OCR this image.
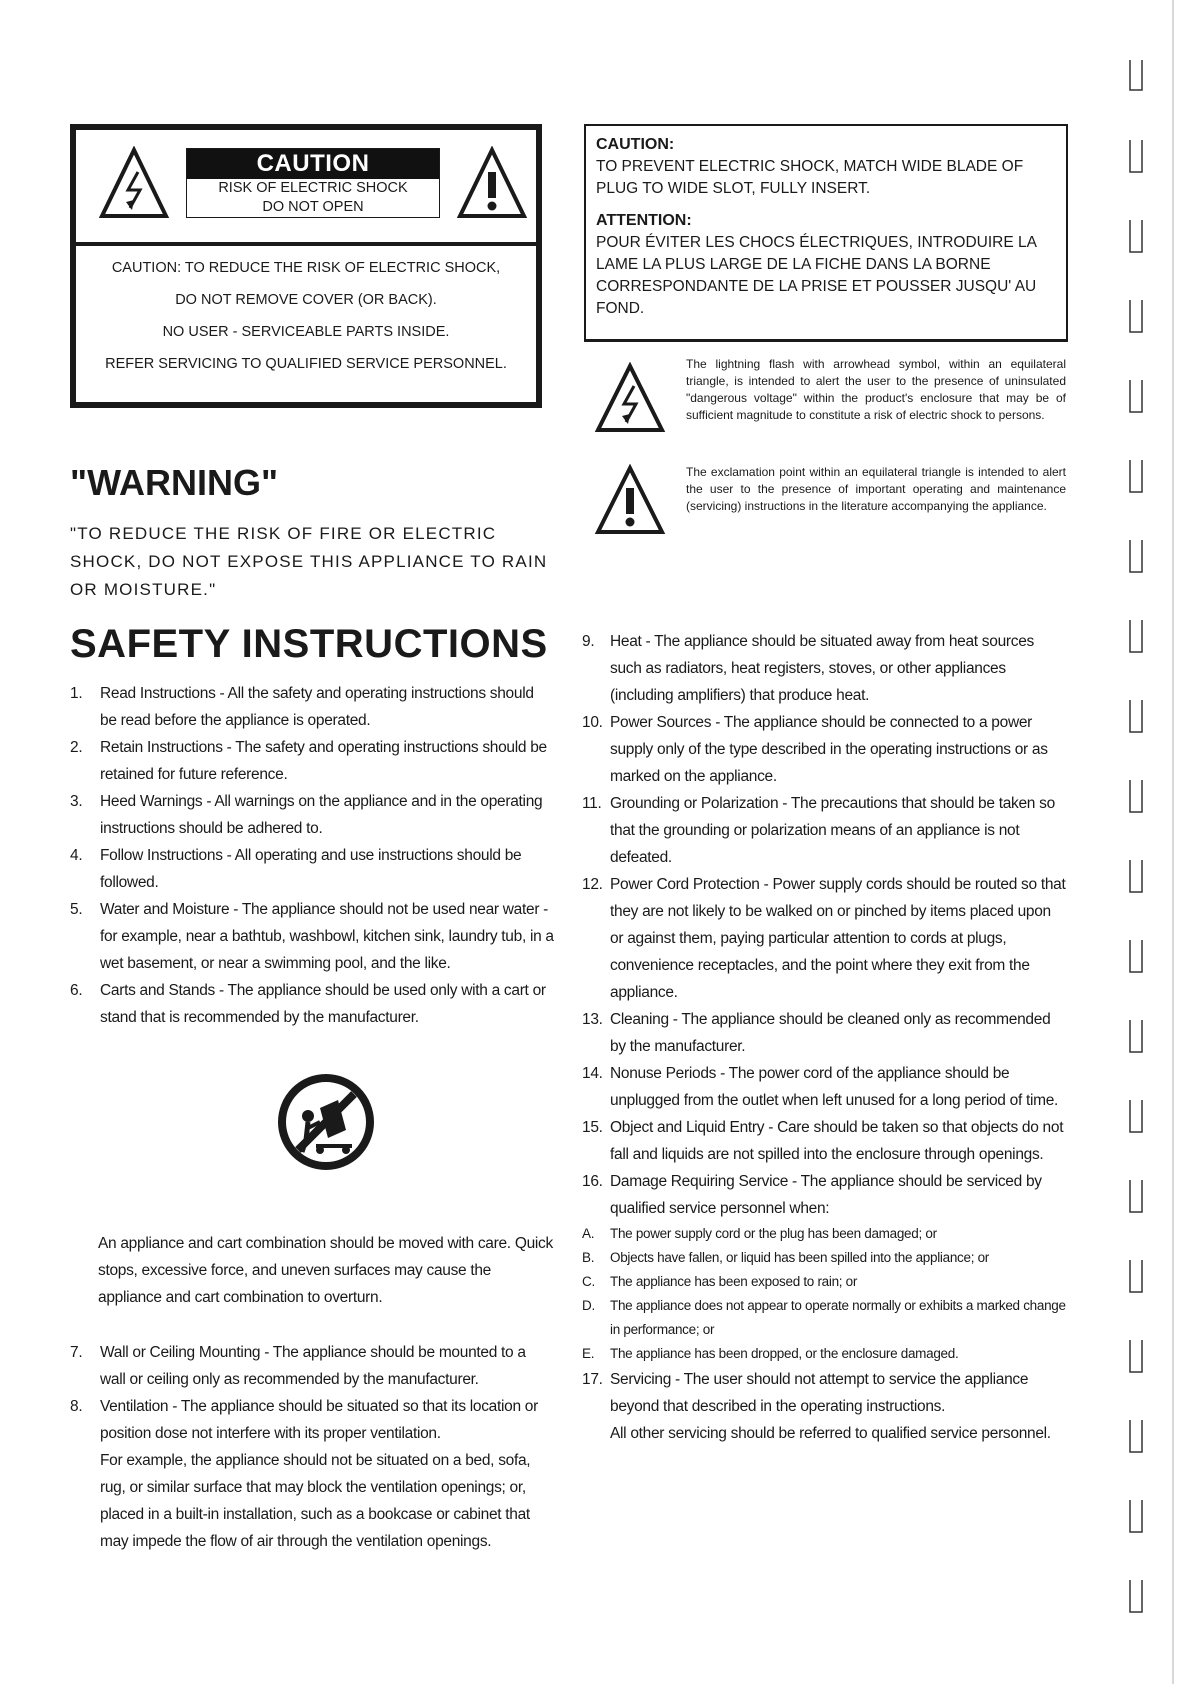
CAUTION
RISK OF ELECTRIC SHOCK
DO NOT OPEN
CAUTION: TO REDUCE THE RISK OF ELECTRIC SHOCK,
DO NOT REMOVE COVER (OR BACK).
NO USER - SERVICEABLE PARTS INSIDE.
REFER SERVICING TO QUALIFIED SERVICE PERSONNEL.
CAUTION:
TO PREVENT ELECTRIC SHOCK, MATCH WIDE BLADE OF PLUG TO WIDE SLOT, FULLY INSERT.
ATTENTION:
POUR ÉVITER LES CHOCS ÉLECTRIQUES, INTRODUIRE LA LAME LA PLUS LARGE DE LA FICHE DANS LA BORNE CORRESPONDANTE DE LA PRISE ET POUSSER JUSQU' AU FOND.
The lightning flash with arrowhead symbol, within an equilateral triangle, is intended to alert the user to the presence of uninsulated "dangerous voltage" within the product's enclosure that may be of sufficient magnitude to constitute a risk of electric shock to persons.
The exclamation point within an equilateral triangle is intended to alert the user to the presence of important operating and maintenance (servicing) instructions in the literature accompanying the appliance.
"WARNING"
"TO REDUCE THE RISK OF FIRE OR ELECTRIC SHOCK, DO NOT EXPOSE THIS APPLIANCE TO RAIN OR MOISTURE."
SAFETY INSTRUCTIONS
1. Read Instructions - All the safety and operating instructions should be read before the appliance is operated.
2. Retain Instructions - The safety and operating instructions should be retained for future reference.
3. Heed Warnings - All warnings on the appliance and in the operating instructions should be adhered to.
4. Follow Instructions - All operating and use instructions should be followed.
5. Water and Moisture - The appliance should not be used near water - for example, near a bathtub, washbowl, kitchen sink, laundry tub, in a wet basement, or near a swimming pool, and the like.
6. Carts and Stands - The appliance should be used only with a cart or stand that is recommended by the manufacturer.
An appliance and cart combination should be moved with care. Quick stops, excessive force, and uneven surfaces may cause the appliance and cart combination to overturn.
7. Wall or Ceiling Mounting - The appliance should be mounted to a wall or ceiling only as recommended by the manufacturer.
8. Ventilation - The appliance should be situated so that its location or position dose not interfere with its proper ventilation.
For example, the appliance should not be situated on a bed, sofa, rug, or similar surface that may block the ventilation openings; or, placed in a built-in installation, such as a bookcase or cabinet that may impede the flow of air through the ventilation openings.
9. Heat - The appliance should be situated away from heat sources such as radiators, heat registers, stoves, or other appliances (including amplifiers) that produce heat.
10. Power Sources - The appliance should be connected to a power supply only of the type described in the operating instructions or as marked on the appliance.
11. Grounding or Polarization - The precautions that should be taken so that the grounding or polarization means of an appliance is not defeated.
12. Power Cord Protection - Power supply cords should be routed so that they are not likely to be walked on or pinched by items placed upon or against them, paying particular attention to cords at plugs, convenience receptacles, and the point where they exit from the appliance.
13. Cleaning - The appliance should be cleaned only as recommended by the manufacturer.
14. Nonuse Periods - The power cord of the appliance should be unplugged from the outlet when left unused for a long period of time.
15. Object and Liquid Entry - Care should be taken so that objects do not fall and liquids are not spilled into the enclosure through openings.
16. Damage Requiring Service - The appliance should be serviced by qualified service personnel when:
A. The power supply cord or the plug has been damaged; or
B. Objects have fallen, or liquid has been spilled into the appliance; or
C. The appliance has been exposed to rain; or
D. The appliance does not appear to operate normally or exhibits a marked change in performance; or
E. The appliance has been dropped, or the enclosure damaged.
17. Servicing - The user should not attempt to service the appliance beyond that described in the operating instructions.
All other servicing should be referred to qualified service personnel.
